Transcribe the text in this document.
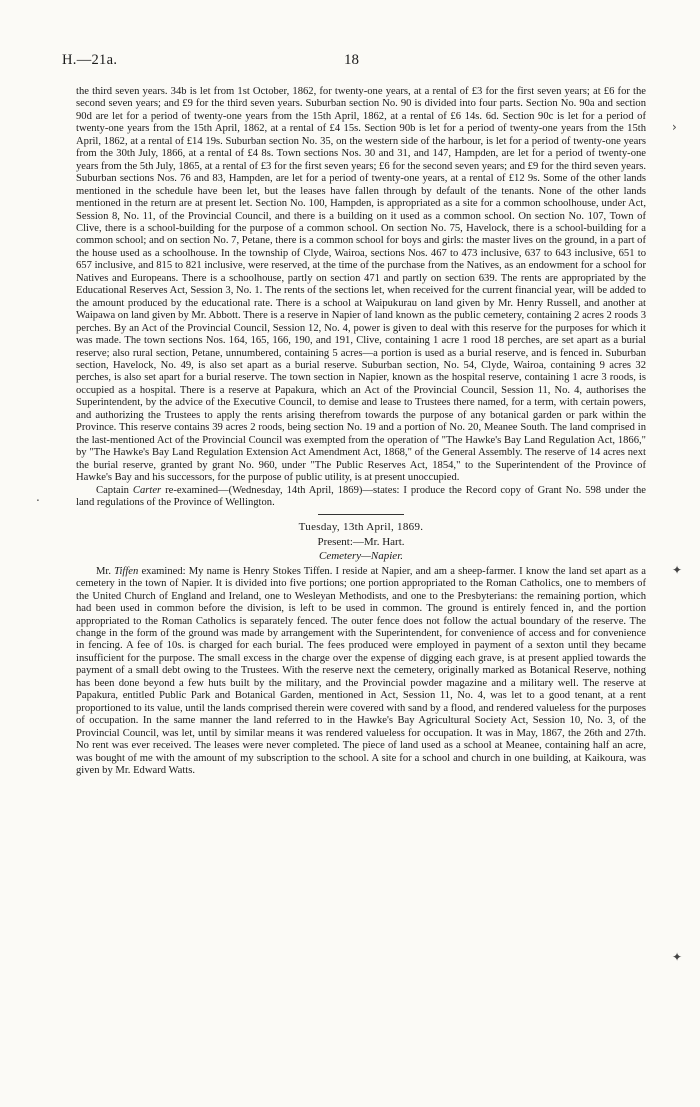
H.—21a.	18
›
.
✦
✦

the third seven years. 34b is let from 1st October, 1862, for twenty-one years, at a rental of £3 for the first seven years; at £6 for the second seven years; and £9 for the third seven years. Suburban section No. 90 is divided into four parts. Section No. 90a and section 90d are let for a period of twenty-one years from the 15th April, 1862, at a rental of £6 14s. 6d. Section 90c is let for a period of twenty-one years from the 15th April, 1862, at a rental of £4 15s. Section 90b is let for a period of twenty-one years from the 15th April, 1862, at a rental of £14 19s. Suburban section No. 35, on the western side of the harbour, is let for a period of twenty-one years from the 30th July, 1866, at a rental of £4 8s. Town sections Nos. 30 and 31, and 147, Hampden, are let for a period of twenty-one years from the 5th July, 1865, at a rental of £3 for the first seven years; £6 for the second seven years; and £9 for the third seven years. Suburban sections Nos. 76 and 83, Hampden, are let for a period of twenty-one years, at a rental of £12 9s. Some of the other lands mentioned in the schedule have been let, but the leases have fallen through by default of the tenants. None of the other lands mentioned in the return are at present let. Section No. 100, Hampden, is appropriated as a site for a common schoolhouse, under Act, Session 8, No. 11, of the Provincial Council, and there is a building on it used as a common school. On section No. 107, Town of Clive, there is a school-building for the purpose of a common school. On section No. 75, Havelock, there is a school-building for a common school; and on section No. 7, Petane, there is a common school for boys and girls: the master lives on the ground, in a part of the house used as a schoolhouse. In the township of Clyde, Wairoa, sections Nos. 467 to 473 inclusive, 637 to 643 inclusive, 651 to 657 inclusive, and 815 to 821 inclusive, were reserved, at the time of the purchase from the Natives, as an endowment for a school for Natives and Europeans. There is a schoolhouse, partly on section 471 and partly on section 639. The rents are appropriated by the Educational Reserves Act, Session 3, No. 1. The rents of the sections let, when received for the current financial year, will be added to the amount produced by the educational rate. There is a school at Waipukurau on land given by Mr. Henry Russell, and another at Waipawa on land given by Mr. Abbott. There is a reserve in Napier of land known as the public cemetery, containing 2 acres 2 roods 3 perches. By an Act of the Provincial Council, Session 12, No. 4, power is given to deal with this reserve for the purposes for which it was made. The town sections Nos. 164, 165, 166, 190, and 191, Clive, containing 1 acre 1 rood 18 perches, are set apart as a burial reserve; also rural section, Petane, unnumbered, containing 5 acres—a portion is used as a burial reserve, and is fenced in. Suburban section, Havelock, No. 49, is also set apart as a burial reserve. Suburban section, No. 54, Clyde, Wairoa, containing 9 acres 32 perches, is also set apart for a burial reserve. The town section in Napier, known as the hospital reserve, containing 1 acre 3 roods, is occupied as a hospital. There is a reserve at Papakura, which an Act of the Provincial Council, Session 11, No. 4, authorises the Superintendent, by the advice of the Executive Council, to demise and lease to Trustees there named, for a term, with certain powers, and authorizing the Trustees to apply the rents arising therefrom towards the purpose of any botanical garden or park within the Province. This reserve contains 39 acres 2 roods, being section No. 19 and a portion of No. 20, Meanee South. The land comprised in the last-mentioned Act of the Provincial Council was exempted from the operation of "The Hawke's Bay Land Regulation Act, 1866," by "The Hawke's Bay Land Regulation Extension Act Amendment Act, 1868," of the General Assembly. The reserve of 14 acres next the burial reserve, granted by grant No. 960, under "The Public Reserves Act, 1854," to the Superintendent of the Province of Hawke's Bay and his successors, for the purpose of public utility, is at present unoccupied.

Captain Carter re-examined—(Wednesday, 14th April, 1869)—states: I produce the Record copy of Grant No. 598 under the land regulations of the Province of Wellington.

Tuesday, 13th April, 1869.
Present:—Mr. Hart.
Cemetery—Napier.

Mr. Tiffen examined: My name is Henry Stokes Tiffen. I reside at Napier, and am a sheep-farmer. I know the land set apart as a cemetery in the town of Napier. It is divided into five portions; one portion appropriated to the Roman Catholics, one to members of the United Church of England and Ireland, one to Wesleyan Methodists, and one to the Presbyterians: the remaining portion, which had been used in common before the division, is left to be used in common. The ground is entirely fenced in, and the portion appropriated to the Roman Catholics is separately fenced. The outer fence does not follow the actual boundary of the reserve. The change in the form of the ground was made by arrangement with the Superintendent, for convenience of access and for convenience in fencing. A fee of 10s. is charged for each burial. The fees produced were employed in payment of a sexton until they became insufficient for the purpose. The small excess in the charge over the expense of digging each grave, is at present applied towards the payment of a small debt owing to the Trustees. With the reserve next the cemetery, originally marked as Botanical Reserve, nothing has been done beyond a few huts built by the military, and the Provincial powder magazine and a military well. The reserve at Papakura, entitled Public Park and Botanical Garden, mentioned in Act, Session 11, No. 4, was let to a good tenant, at a rent proportioned to its value, until the lands comprised therein were covered with sand by a flood, and rendered valueless for the purposes of occupation. In the same manner the land referred to in the Hawke's Bay Agricultural Society Act, Session 10, No. 3, of the Provincial Council, was let, until by similar means it was rendered valueless for occupation. It was in May, 1867, the 26th and 27th. No rent was ever received. The leases were never completed. The piece of land used as a school at Meanee, containing half an acre, was bought of me with the amount of my subscription to the school. A site for a school and church in one building, at Kaikoura, was given by Mr. Edward Watts.
